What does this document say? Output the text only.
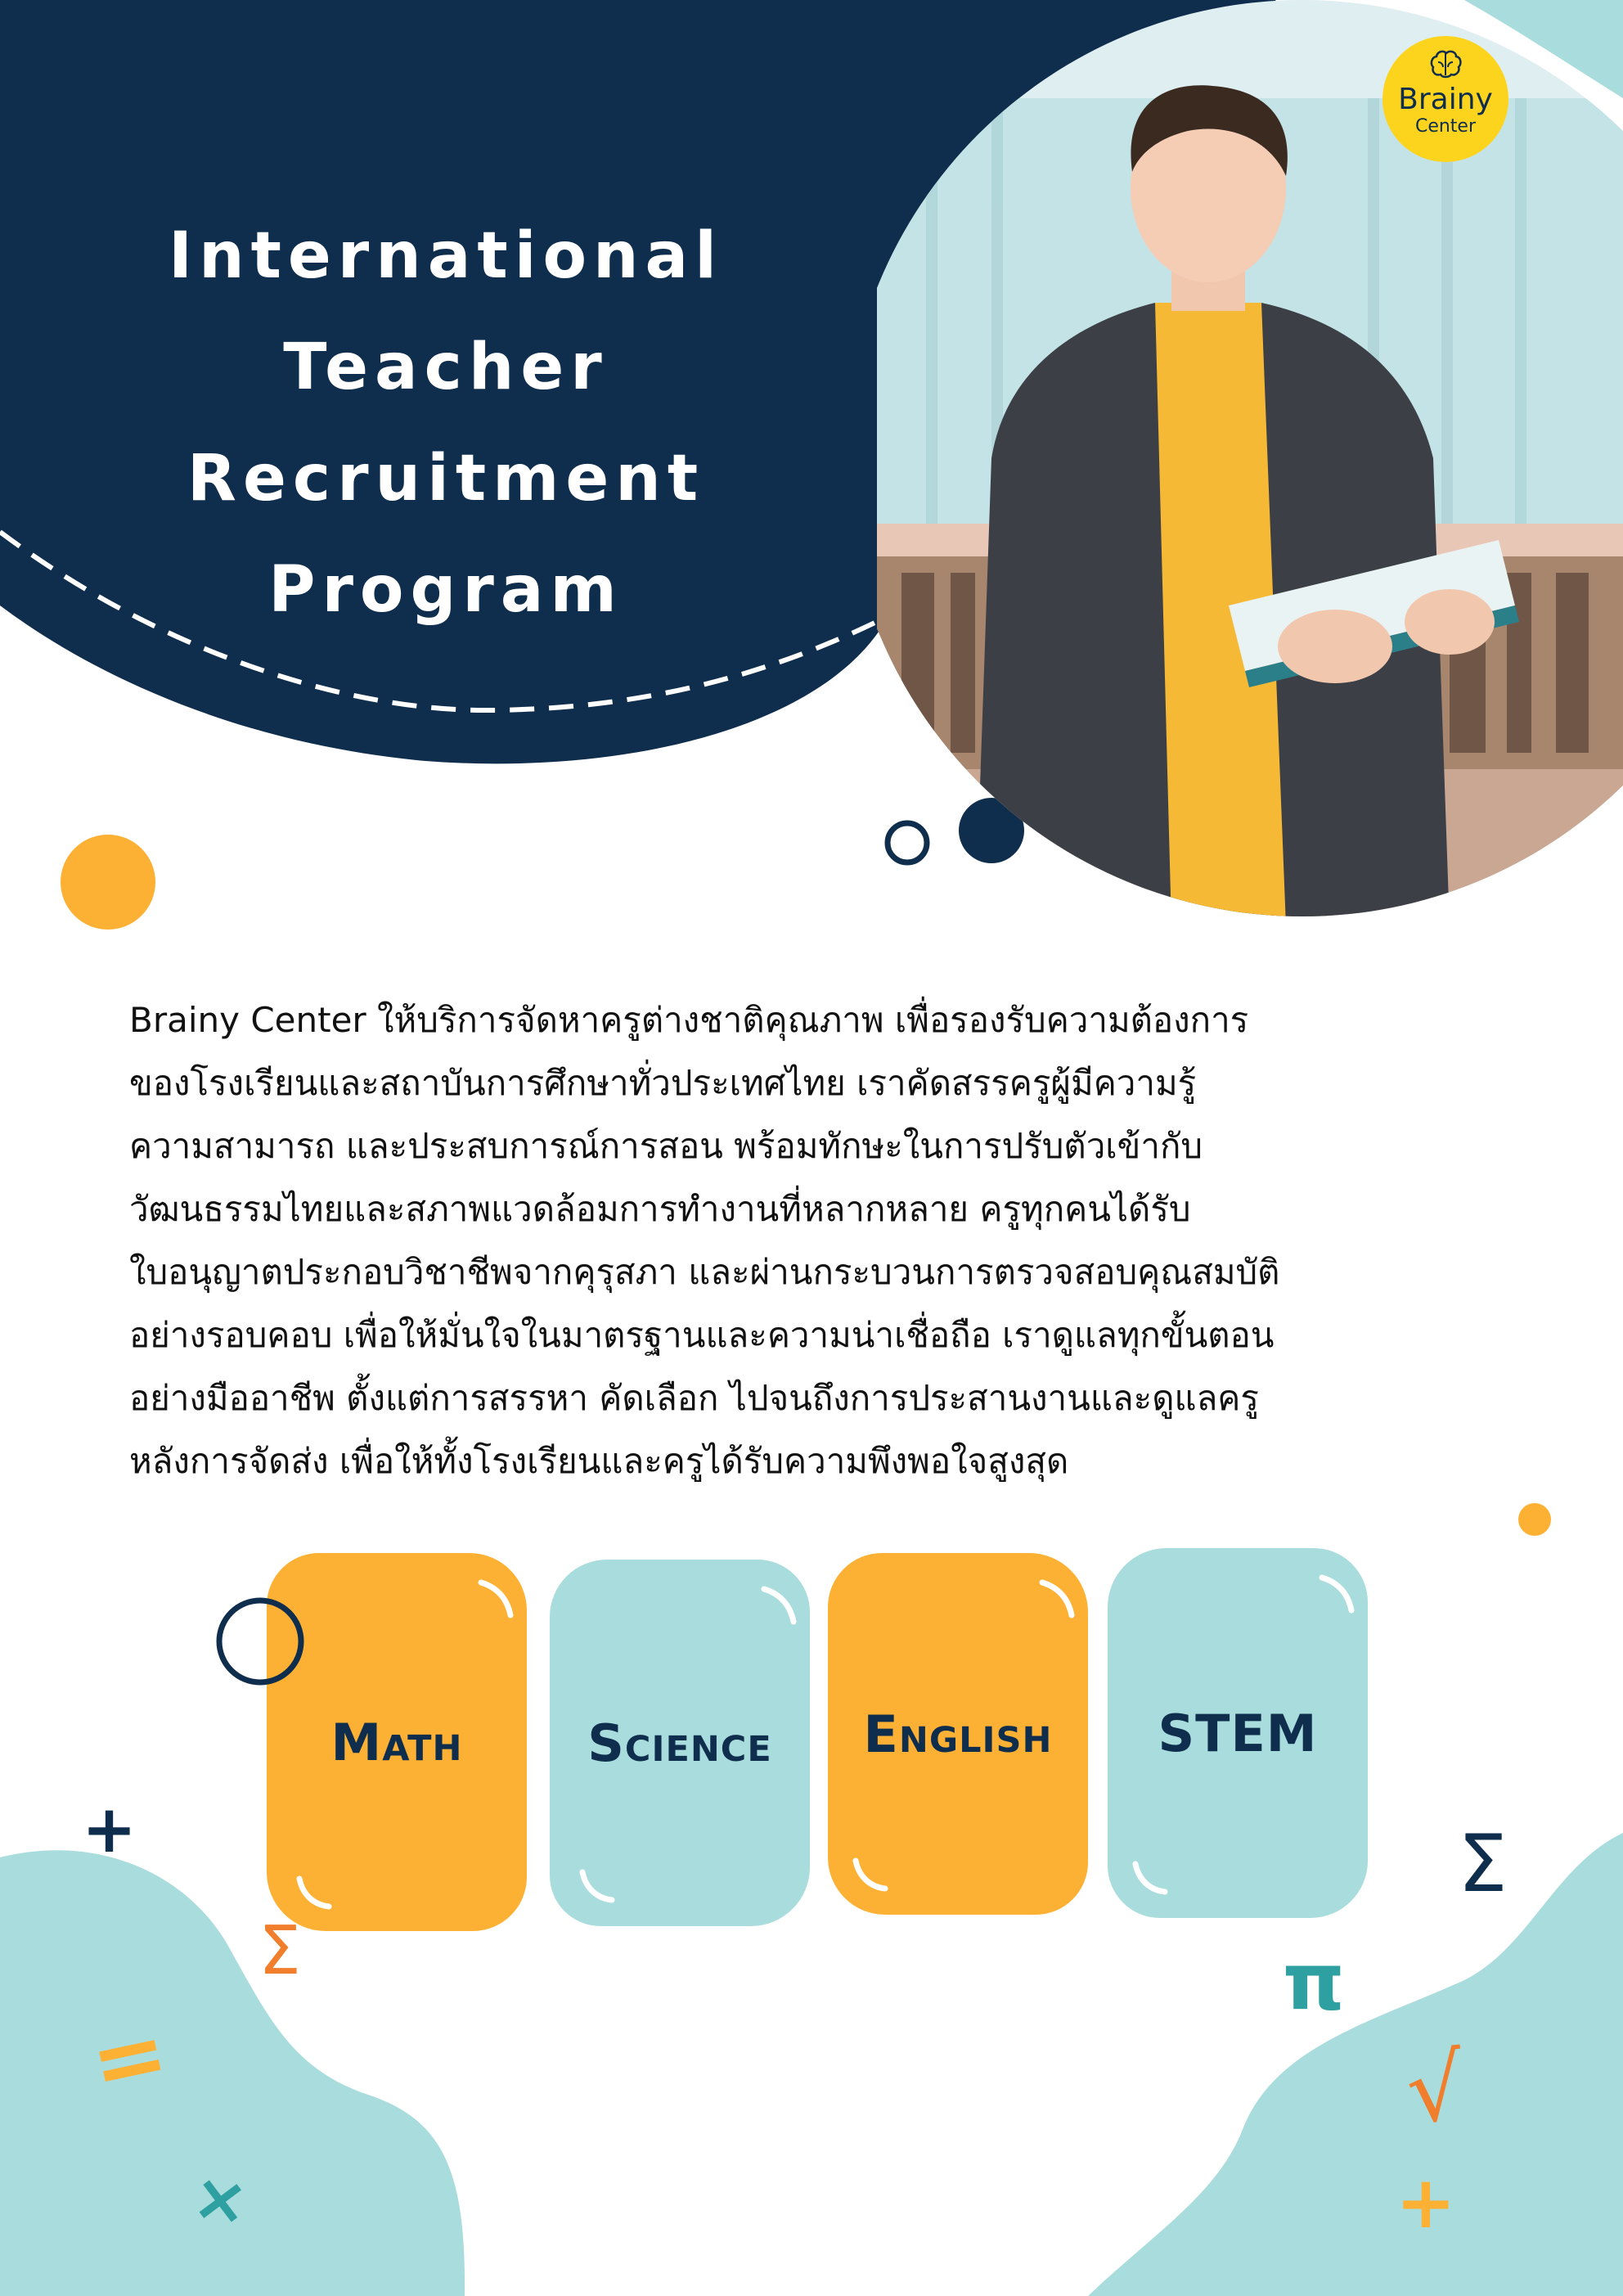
International Teacher
Recruitment
Program
Brainy
Center

Brainy Center ให้บริการจัดหาครูต่างชาติคุณภาพ เพื่อรองรับความต้องการ
ของโรงเรียนและสถาบันการศึกษาทั่วประเทศไทย เราคัดสรรครูผู้มีความรู้
ความสามารถ และประสบการณ์การสอน พร้อมทักษะในการปรับตัวเข้ากับ
วัฒนธรรมไทยและสภาพแวดล้อมการทำงานที่หลากหลาย ครูทุกคนได้รับ
ใบอนุญาตประกอบวิชาชีพจากคุรุสภา และผ่านกระบวนการตรวจสอบคุณสมบัติ
อย่างรอบคอบ เพื่อให้มั่นใจในมาตรฐานและความน่าเชื่อถือ เราดูแลทุกขั้นตอน
อย่างมืออาชีพ ตั้งแต่การสรรหา คัดเลือก ไปจนถึงการประสานงานและดูแลครู
หลังการจัดส่ง เพื่อให้ทั้งโรงเรียนและครูได้รับความพึงพอใจสูงสุด

Math Science English STEM
+
Σ
=
×
Σ
π
√
+
